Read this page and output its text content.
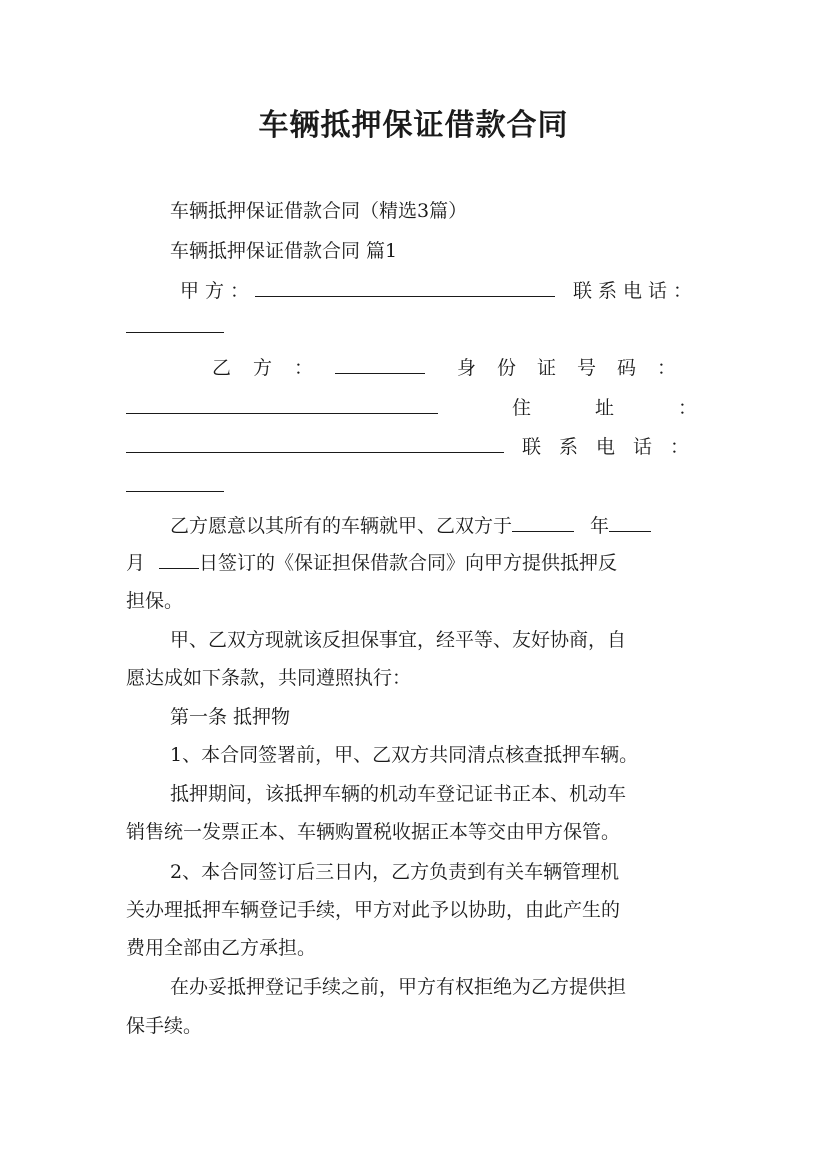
车辆抵押保证借款合同
车辆抵押保证借款合同（精选3篇）
车辆抵押保证借款合同 篇1
甲方：	联系电话：
乙方：	身份证号码：
住址：
联系电话：
乙方愿意以其所有的车辆就甲、乙双方于	年
月	日签订的《保证担保借款合同》向甲方提供抵押反
担保。
甲、乙双方现就该反担保事宜，经平等、友好协商，自
愿达成如下条款，共同遵照执行：
第一条 抵押物
1、本合同签署前，甲、乙双方共同清点核查抵押车辆。
抵押期间，该抵押车辆的机动车登记证书正本、机动车
销售统一发票正本、车辆购置税收据正本等交由甲方保管。
2、本合同签订后三日内，乙方负责到有关车辆管理机
关办理抵押车辆登记手续，甲方对此予以协助，由此产生的
费用全部由乙方承担。
在办妥抵押登记手续之前，甲方有权拒绝为乙方提供担
保手续。
